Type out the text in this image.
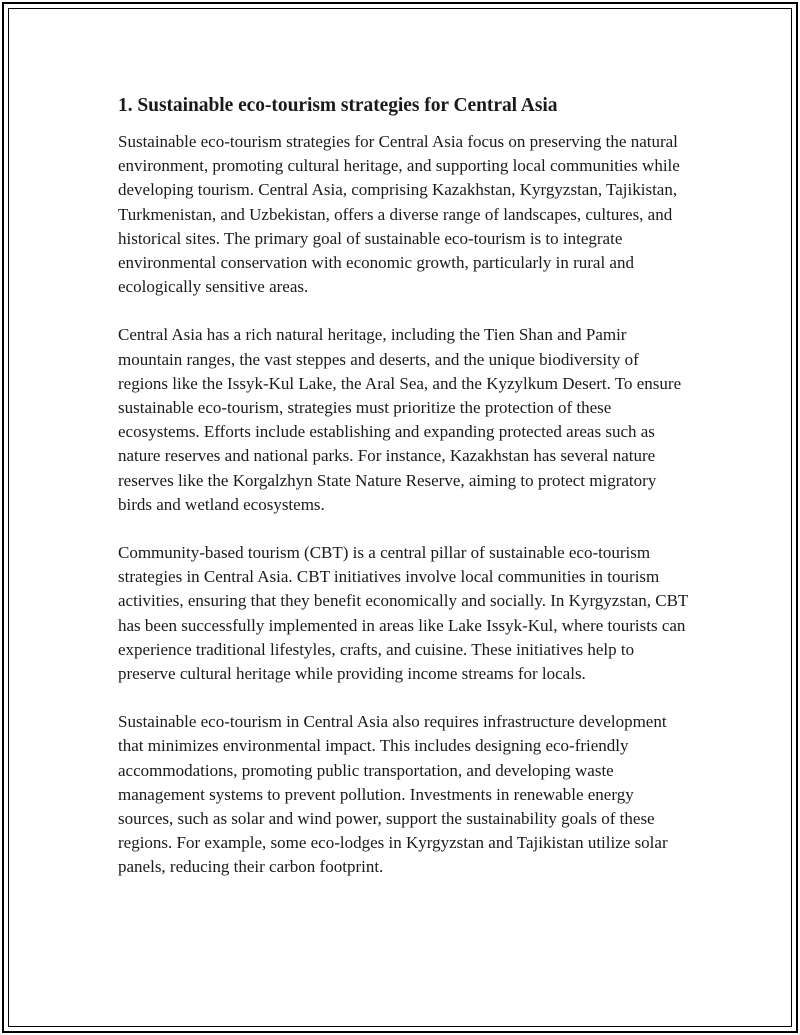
1. Sustainable eco-tourism strategies for Central Asia

Sustainable eco-tourism strategies for Central Asia focus on preserving the natural environment, promoting cultural heritage, and supporting local communities while developing tourism. Central Asia, comprising Kazakhstan, Kyrgyzstan, Tajikistan, Turkmenistan, and Uzbekistan, offers a diverse range of landscapes, cultures, and historical sites. The primary goal of sustainable eco-tourism is to integrate environmental conservation with economic growth, particularly in rural and ecologically sensitive areas.

Central Asia has a rich natural heritage, including the Tien Shan and Pamir mountain ranges, the vast steppes and deserts, and the unique biodiversity of regions like the Issyk-Kul Lake, the Aral Sea, and the Kyzylkum Desert. To ensure sustainable eco-tourism, strategies must prioritize the protection of these ecosystems. Efforts include establishing and expanding protected areas such as nature reserves and national parks. For instance, Kazakhstan has several nature reserves like the Korgalzhyn State Nature Reserve, aiming to protect migratory birds and wetland ecosystems.

Community-based tourism (CBT) is a central pillar of sustainable eco-tourism strategies in Central Asia. CBT initiatives involve local communities in tourism activities, ensuring that they benefit economically and socially. In Kyrgyzstan, CBT has been successfully implemented in areas like Lake Issyk-Kul, where tourists can experience traditional lifestyles, crafts, and cuisine. These initiatives help to preserve cultural heritage while providing income streams for locals.

Sustainable eco-tourism in Central Asia also requires infrastructure development that minimizes environmental impact. This includes designing eco-friendly accommodations, promoting public transportation, and developing waste management systems to prevent pollution. Investments in renewable energy sources, such as solar and wind power, support the sustainability goals of these regions. For example, some eco-lodges in Kyrgyzstan and Tajikistan utilize solar panels, reducing their carbon footprint.
